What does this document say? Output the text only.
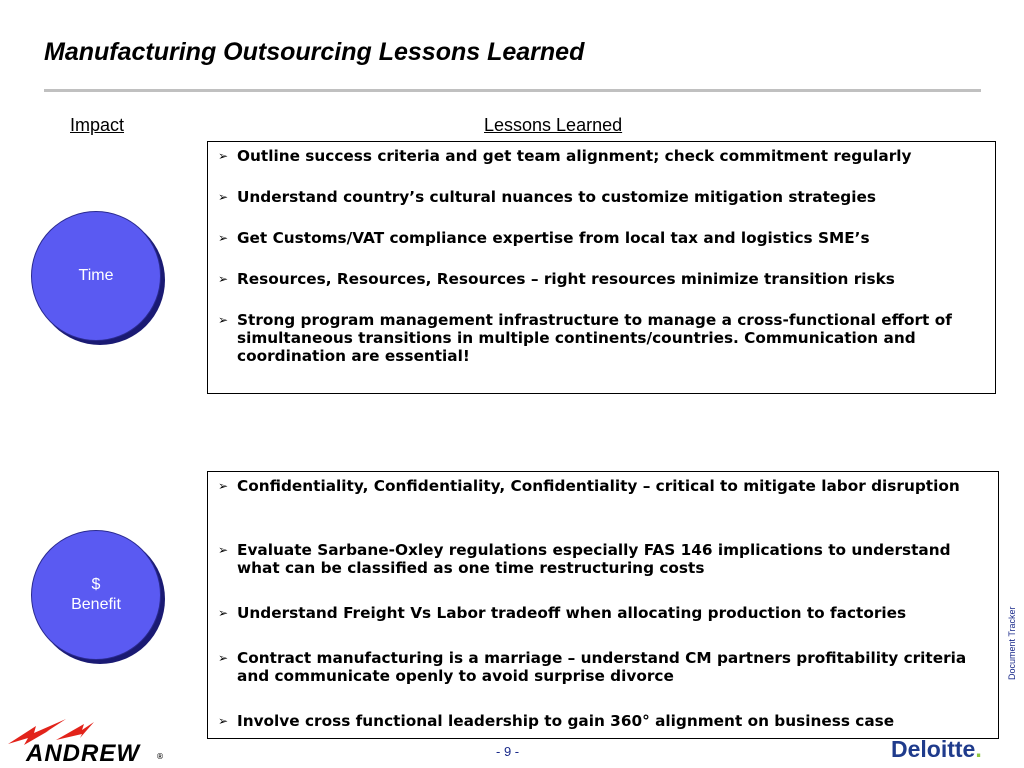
Manufacturing Outsourcing Lessons Learned
Impact	Lessons Learned
Time
$
Benefit
➢ Outline success criteria and get team alignment; check commitment regularly
➢ Understand country’s cultural nuances to customize mitigation strategies
➢ Get Customs/VAT compliance expertise from local tax and logistics SME’s
➢ Resources, Resources, Resources – right resources minimize transition risks
➢ Strong program management infrastructure to manage a cross-functional effort of simultaneous transitions in multiple continents/countries. Communication and coordination are essential!
➢ Confidentiality, Confidentiality, Confidentiality – critical to mitigate labor disruption
➢ Evaluate Sarbane-Oxley regulations especially FAS 146 implications to understand what can be classified as one time restructuring costs
➢ Understand Freight Vs Labor tradeoff when allocating production to factories
➢ Contract manufacturing is a marriage – understand CM partners profitability criteria and communicate openly to avoid surprise divorce
➢ Involve cross functional leadership to gain 360° alignment on business case
ANDREW ®	- 9 -	Deloitte.
Document Tracker
